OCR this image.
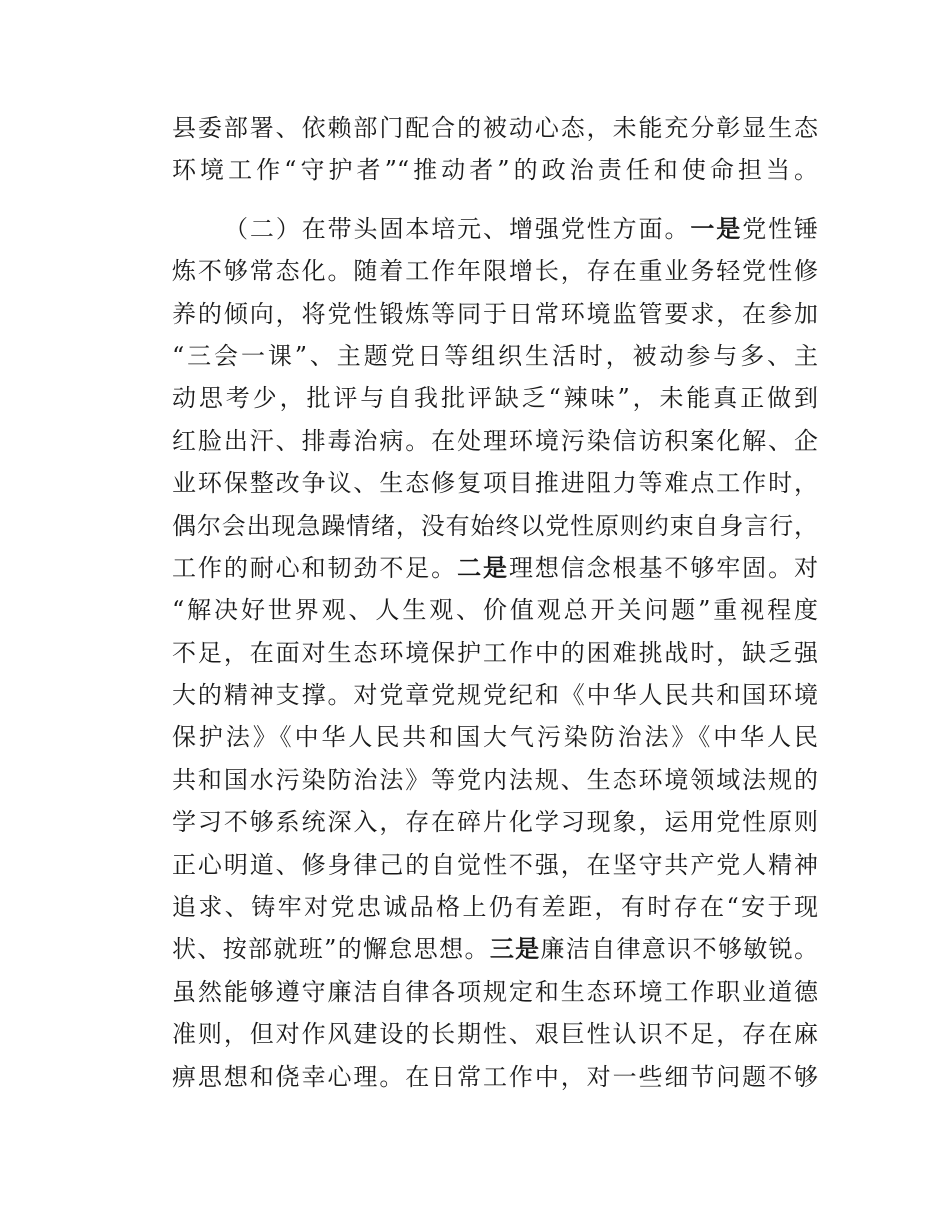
县委部署、依赖部门配合的被动心态，未能充分彰显生态
环境工作“守护者”“推动者”的政治责任和使命担当。
（二）在带头固本培元、增强党性方面。一是党性锤
炼不够常态化。随着工作年限增长，存在重业务轻党性修
养的倾向，将党性锻炼等同于日常环境监管要求，在参加
“三会一课”、主题党日等组织生活时，被动参与多、主
动思考少，批评与自我批评缺乏“辣味”，未能真正做到
红脸出汗、排毒治病。在处理环境污染信访积案化解、企
业环保整改争议、生态修复项目推进阻力等难点工作时，
偶尔会出现急躁情绪，没有始终以党性原则约束自身言行，
工作的耐心和韧劲不足。二是理想信念根基不够牢固。对
“解决好世界观、人生观、价值观总开关问题”重视程度
不足，在面对生态环境保护工作中的困难挑战时，缺乏强
大的精神支撑。对党章党规党纪和《中华人民共和国环境
保护法》《中华人民共和国大气污染防治法》《中华人民
共和国水污染防治法》等党内法规、生态环境领域法规的
学习不够系统深入，存在碎片化学习现象，运用党性原则
正心明道、修身律己的自觉性不强，在坚守共产党人精神
追求、铸牢对党忠诚品格上仍有差距，有时存在“安于现
状、按部就班”的懈怠思想。三是廉洁自律意识不够敏锐。
虽然能够遵守廉洁自律各项规定和生态环境工作职业道德
准则，但对作风建设的长期性、艰巨性认识不足，存在麻
痹思想和侥幸心理。在日常工作中，对一些细节问题不够
